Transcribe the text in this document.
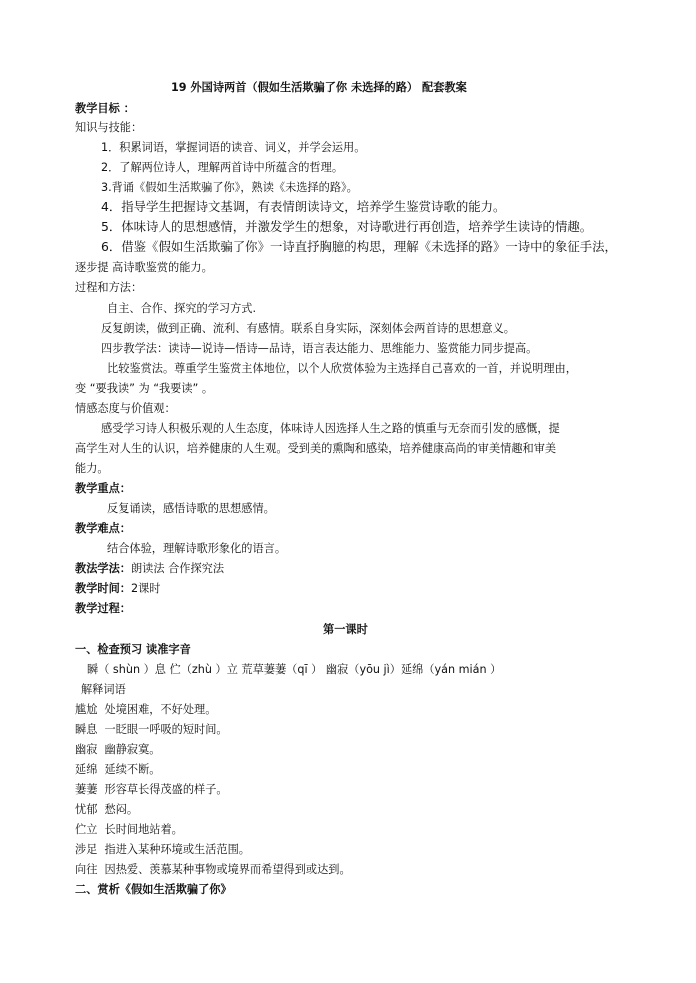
19 外国诗两首（假如生活欺骗了你 未选择的路） 配套教案
教学目标 ：
知识与技能：
1．积累词语，掌握词语的读音、词义，并学会运用。
2．了解两位诗人，理解两首诗中所蕴含的哲理。
3.背诵《假如生活欺骗了你》，熟读《未选择的路》。
4．指导学生把握诗文基调，有表情朗读诗文，培养学生鉴赏诗歌的能力。
5．体味诗人的思想感情，并激发学生的想象，对诗歌进行再创造，培养学生读诗的情趣。
6．借鉴《假如生活欺骗了你》一诗直抒胸臆的构思，理解《未选择的路》一诗中的象征手法，
逐步提 高诗歌鉴赏的能力。
过程和方法：
自主、合作、探究的学习方式.
反复朗读，做到正确、流利、有感情。联系自身实际，深刻体会两首诗的思想意义。
四步教学法：读诗—说诗—悟诗—品诗，语言表达能力、思维能力、鉴赏能力同步提高。
比较鉴赏法。尊重学生鉴赏主体地位，以个人欣赏体验为主选择自己喜欢的一首，并说明理由，
变 “要我读” 为 “我要读” 。
情感态度与价值观：
感受学习诗人积极乐观的人生态度，体味诗人因选择人生之路的慎重与无奈而引发的感慨，提
高学生对人生的认识，培养健康的人生观。受到美的熏陶和感染，培养健康高尚的审美情趣和审美
能力。
教学重点：
反复诵读，感悟诗歌的思想感情。
教学难点：
结合体验，理解诗歌形象化的语言。
教法学法：朗读法 合作探究法
教学时间：2课时
教学过程：
第一课时
一、检查预习 读准字音
瞬（ shùn ）息 伫（zhù ）立 荒草萋萋（qī ） 幽寂（yōu jì）延绵（yán mián ）
解释词语
尴尬 处境困难，不好处理。
瞬息 一眨眼一呼吸的短时间。
幽寂 幽静寂寞。
延绵 延续不断。
萋萋 形容草长得茂盛的样子。
忧郁 愁闷。
伫立 长时间地站着。
涉足 指进入某种环境或生活范围。
向往 因热爱、羡慕某种事物或境界而希望得到或达到。
二、赏析《假如生活欺骗了你》
